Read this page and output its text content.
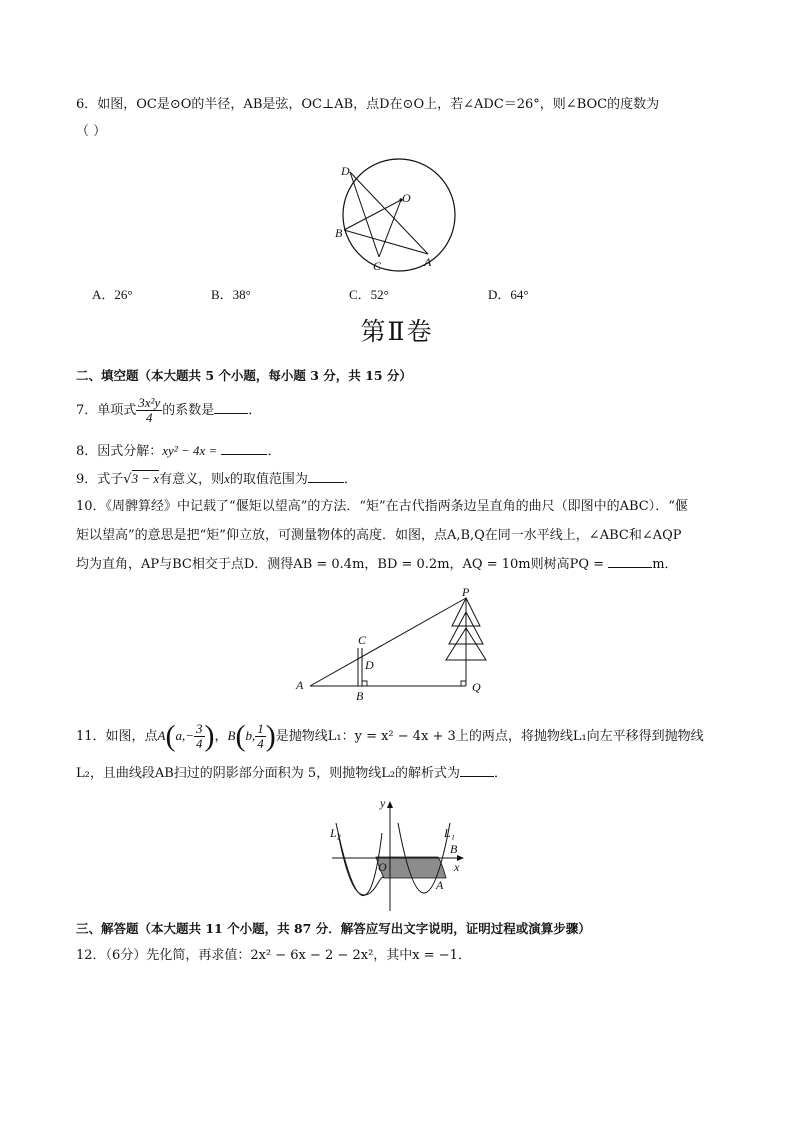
6．如图，OC是⊙O的半径，AB是弦，OC⊥AB，点D在⊙O上，若∠ADC＝26°，则∠BOC的度数为
（ ）
D
O
B
C	A
A．26°	B．38°	C．52°	D．64°
第Ⅱ卷
二、填空题（本大题共 5 个小题，每小题 3 分，共 15 分）
7．单项式 $\frac{\text{3x²y}}{4}$ 的系数是	．
8．因式分解：xy² − 4x =	．
9．式子√3 − x有意义，则x的取值范围为	．
10．《周髀算经》中记载了“偃矩以望高”的方法．“矩”在古代指两条边呈直角的曲尺（即图中的ABC）．“偃
矩以望高”的意思是把“矩”仰立放，可测量物体的高度．如图，点A,B,Q在同一水平线上，∠ABC和∠AQP
均为直角，AP与BC相交于点D．测得AB = 0.4m，BD = 0.2m，AQ = 10m则树高PQ =	m．
P
C
D
A
B
Q
11．如图，点$A(a,- \frac{3}{4}$ )，B(b, $\frac{1}{4}$ )是抛物线L₁：y = x² − 4x + 3上的两点，将抛物线L₁向左平移得到抛物线
L₂，且曲线段AB扫过的阴影部分面积为 5，则抛物线L₂的解析式为	．
y
x
O
L₂	L₁
B
A
三、解答题（本大题共 11 个小题，共 87 分．解答应写出文字说明，证明过程或演算步骤）
12．（6分）先化简，再求值：2x² − 6x − 2 − 2x²，其中x = −1．
